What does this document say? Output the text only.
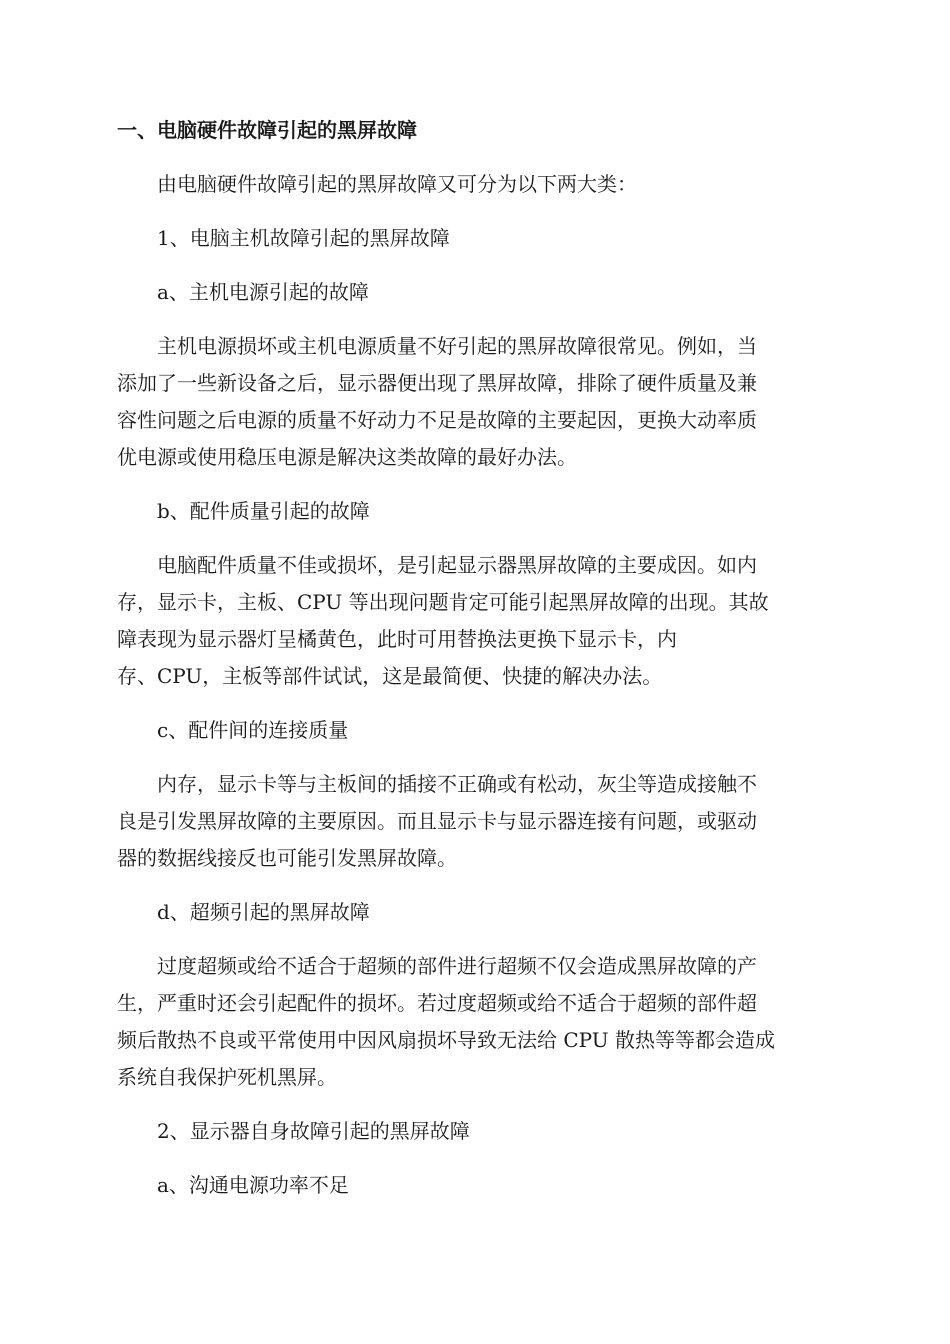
一、电脑硬件故障引起的黑屏故障
由电脑硬件故障引起的黑屏故障又可分为以下两大类：
1、电脑主机故障引起的黑屏故障
a、主机电源引起的故障
主机电源损坏或主机电源质量不好引起的黑屏故障很常见。例如，当
添加了一些新设备之后，显示器便出现了黑屏故障，排除了硬件质量及兼
容性问题之后电源的质量不好动力不足是故障的主要起因，更换大动率质
优电源或使用稳压电源是解决这类故障的最好办法。
b、配件质量引起的故障
电脑配件质量不佳或损坏，是引起显示器黑屏故障的主要成因。如内
存，显示卡，主板、CPU 等出现问题肯定可能引起黑屏故障的出现。其故
障表现为显示器灯呈橘黄色，此时可用替换法更换下显示卡，内
存、CPU，主板等部件试试，这是最简便、快捷的解决办法。
c、配件间的连接质量
内存，显示卡等与主板间的插接不正确或有松动，灰尘等造成接触不
良是引发黑屏故障的主要原因。而且显示卡与显示器连接有问题，或驱动
器的数据线接反也可能引发黑屏故障。
d、超频引起的黑屏故障
过度超频或给不适合于超频的部件进行超频不仅会造成黑屏故障的产
生，严重时还会引起配件的损坏。若过度超频或给不适合于超频的部件超
频后散热不良或平常使用中因风扇损坏导致无法给 CPU 散热等等都会造成
系统自我保护死机黑屏。
2、显示器自身故障引起的黑屏故障
a、沟通电源功率不足
